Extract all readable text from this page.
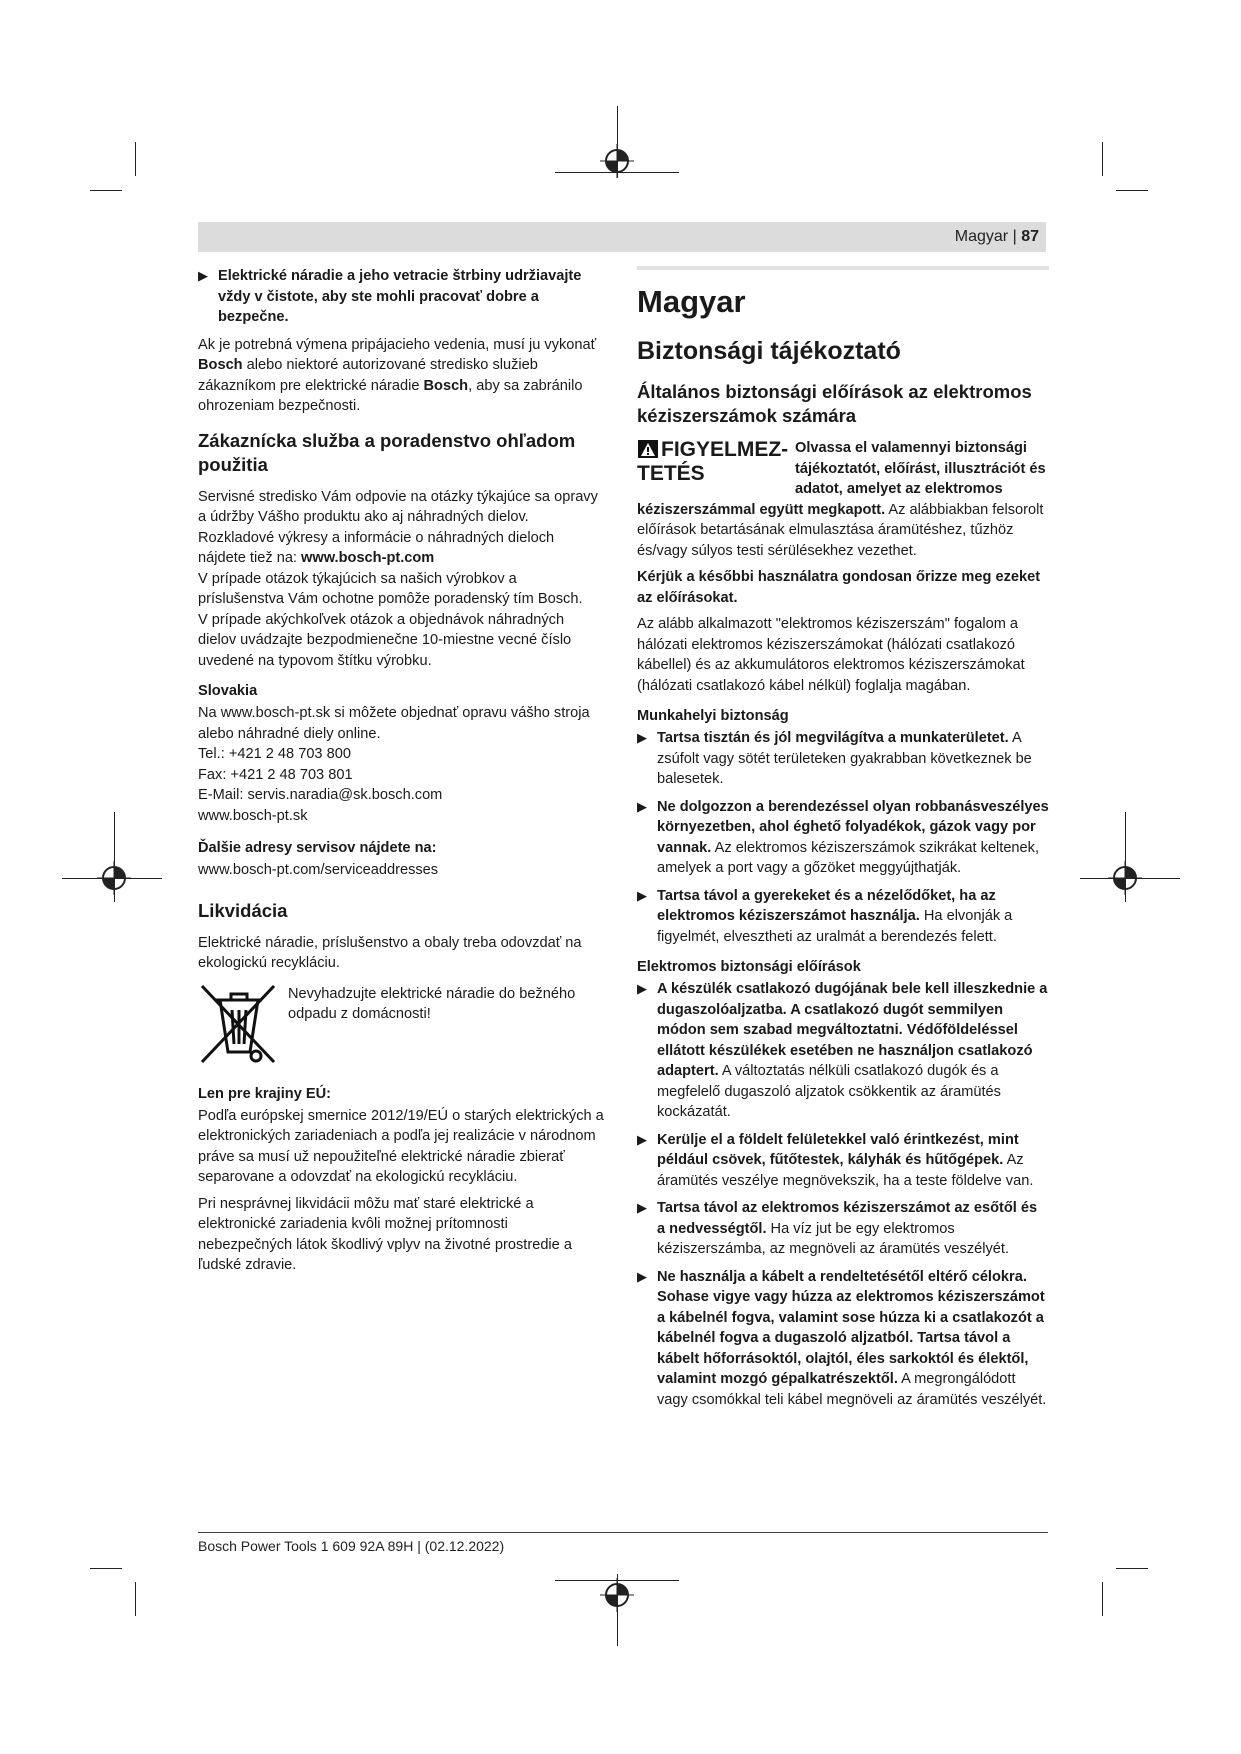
Magyar | 87
▶ Elektrické náradie a jeho vetracie štrbiny udržiavajte vždy v čistote, aby ste mohli pracovať dobre a bezpečne.

Ak je potrebná výmena pripájacieho vedenia, musí ju vykonať Bosch alebo niektoré autorizované stredisko služieb zákazníkom pre elektrické náradie Bosch, aby sa zabránilo ohrozeniam bezpečnosti.

Zákaznícka služba a poradenstvo ohľadom použitia

Servisné stredisko Vám odpovie na otázky týkajúce sa opravy a údržby Vášho produktu ako aj náhradných dielov. Rozkladové výkresy a informácie o náhradných dieloch nájdete tiež na: www.bosch-pt.com

V prípade otázok týkajúcich sa našich výrobkov a príslušenstva Vám ochotne pomôže poradenský tím Bosch.

V prípade akýchkoľvek otázok a objednávok náhradných dielov uvádzajte bezpodmienečne 10-miestne vecné číslo uvedené na typovom štítku výrobku.

Slovakia
Na www.bosch-pt.sk si môžete objednať opravu vášho stroja alebo náhradné diely online.
Tel.: +421 2 48 703 800
Fax: +421 2 48 703 801
E-Mail: servis.naradia@sk.bosch.com
www.bosch-pt.sk
Ďalšie adresy servisov nájdete na:

www.bosch-pt.com/serviceaddresses

Likvidácia

Elektrické náradie, príslušenstvo a obaly treba odovzdať na ekologickú recykláciu.

Nevyhadzujte elektrické náradie do bežného odpadu z domácnosti!
Len pre krajiny EÚ:

Podľa európskej smernice 2012/19/EÚ o starých elektrických a elektronických zariadeniach a podľa jej realizácie v národnom práve sa musí už nepoužiteľné elektrické náradie zbierať separovane a odovzdať na ekologickú recykláciu.

Pri nesprávnej likvidácii môžu mať staré elektrické a elektronické zariadenia kvôli možnej prítomnosti nebezpečných látok škodlivý vplyv na životné prostredie a ľudské zdravie.

Magyar
Biztonsági tájékoztató
Általános biztonsági előírások az elektromos kéziszerszámok számára
FIGYELMEZ-TETÉS
Olvassa el valamennyi biztonsági tájékoztatót, előírást, illusztrációt és adatot, amelyet az elektromos kéziszerszámmal együtt megkapott. Az alábbiakban felsorolt előírások betartásának elmulasztása áramütéshez, tűzhöz és/vagy súlyos testi sérülésekhez vezethet.

Kérjük a későbbi használatra gondosan őrizze meg ezeket az előírásokat.

Az alább alkalmazott "elektromos kéziszerszám" fogalom a hálózati elektromos kéziszerszámokat (hálózati csatlakozó kábellel) és az akkumulátoros elektromos kéziszerszámokat (hálózati csatlakozó kábel nélkül) foglalja magában.

Munkahelyi biztonság
▶ Tartsa tisztán és jól megvilágítva a munkaterületet. A zsúfolt vagy sötét területeken gyakrabban következnek be balesetek.
▶ Ne dolgozzon a berendezéssel olyan robbanásveszélyes környezetben, ahol éghető folyadékok, gázok vagy por vannak. Az elektromos kéziszerszámok szikrákat keltenek, amelyek a port vagy a gőzöket meggyújthatják.
▶ Tartsa távol a gyerekeket és a nézelődőket, ha az elektromos kéziszerszámot használja. Ha elvonják a figyelmét, elvesztheti az uralmát a berendezés felett.
Elektromos biztonsági előírások
▶ A készülék csatlakozó dugójának bele kell illeszkednie a dugaszolóaljzatba. A csatlakozó dugót semmilyen módon sem szabad megváltoztatni. Védőföldeléssel ellátott készülékek esetében ne használjon csatlakozó adaptert. A változtatás nélküli csatlakozó dugók és a megfelelő dugaszoló aljzatok csökkentik az áramütés kockázatát.
▶ Kerülje el a földelt felületekkel való érintkezést, mint például csövek, fűtőtestek, kályhák és hűtőgépek. Az áramütés veszélye megnövekszik, ha a teste földelve van.
▶ Tartsa távol az elektromos kéziszerszámot az esőtől és a nedvességtől. Ha víz jut be egy elektromos kéziszerszámba, az megnöveli az áramütés veszélyét.
▶ Ne használja a kábelt a rendeltetésétől eltérő célokra. Sohase vigye vagy húzza az elektromos kéziszerszámot a kábelnél fogva, valamint sose húzza ki a csatlakozót a kábelnél fogva a dugaszoló aljzatból. Tartsa távol a kábelt hőforrásoktól, olajtól, éles sarkoktól és élektől, valamint mozgó gépalkatrészektől. A megrongálódott vagy csomókkal teli kábel megnöveli az áramütés veszélyét.
Bosch Power Tools 1 609 92A 89H | (02.12.2022)
